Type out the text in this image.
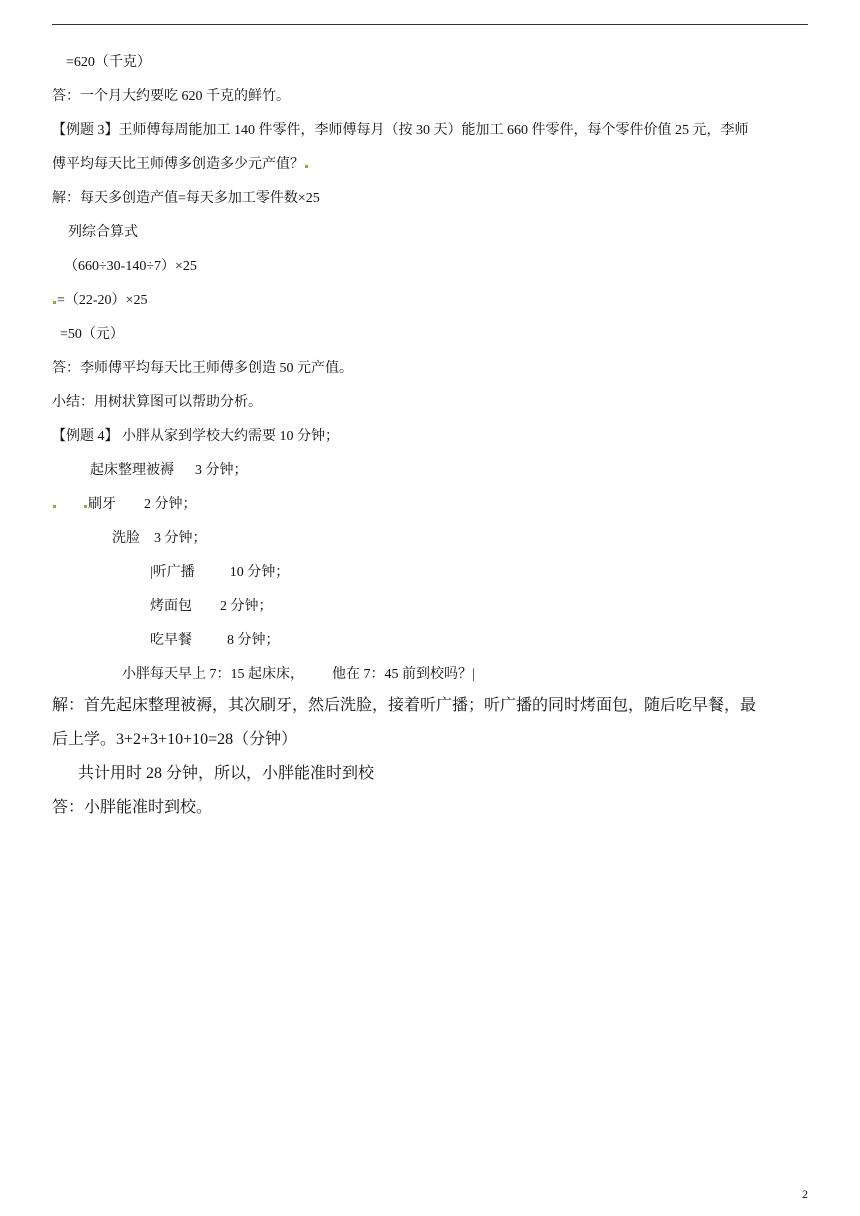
=620（千克）
答：一个月大约要吃 620 千克的鲜竹。
【例题 3】王师傅每周能加工 140 件零件，李师傅每月（按 30 天）能加工 660 件零件，每个零件价值 25 元，李师
傅平均每天比王师傅多创造多少元产值？
解：每天多创造产值=每天多加工零件数×25
列综合算式
（660÷30-140÷7）×25
=（22-20）×25
=50（元）
答：李师傅平均每天比王师傅多创造 50 元产值。
小结：用树状算图可以帮助分析。
【例题 4】 小胖从家到学校大约需要 10 分钟；
起床整理被褥      3 分钟；
刷牙        2 分钟；
洗脸    3 分钟；
|听广播          10 分钟；
烤面包        2 分钟；
吃早餐          8 分钟；
小胖每天早上 7：15 起床床，        他在 7：45 前到校吗？|
解：首先起床整理被褥，其次刷牙，然后洗脸，接着听广播；听广播的同时烤面包，随后吃早餐，最
后上学。3+2+3+10+10=28（分钟）
共计用时 28 分钟，所以，小胖能准时到校
答：小胖能准时到校。
2
